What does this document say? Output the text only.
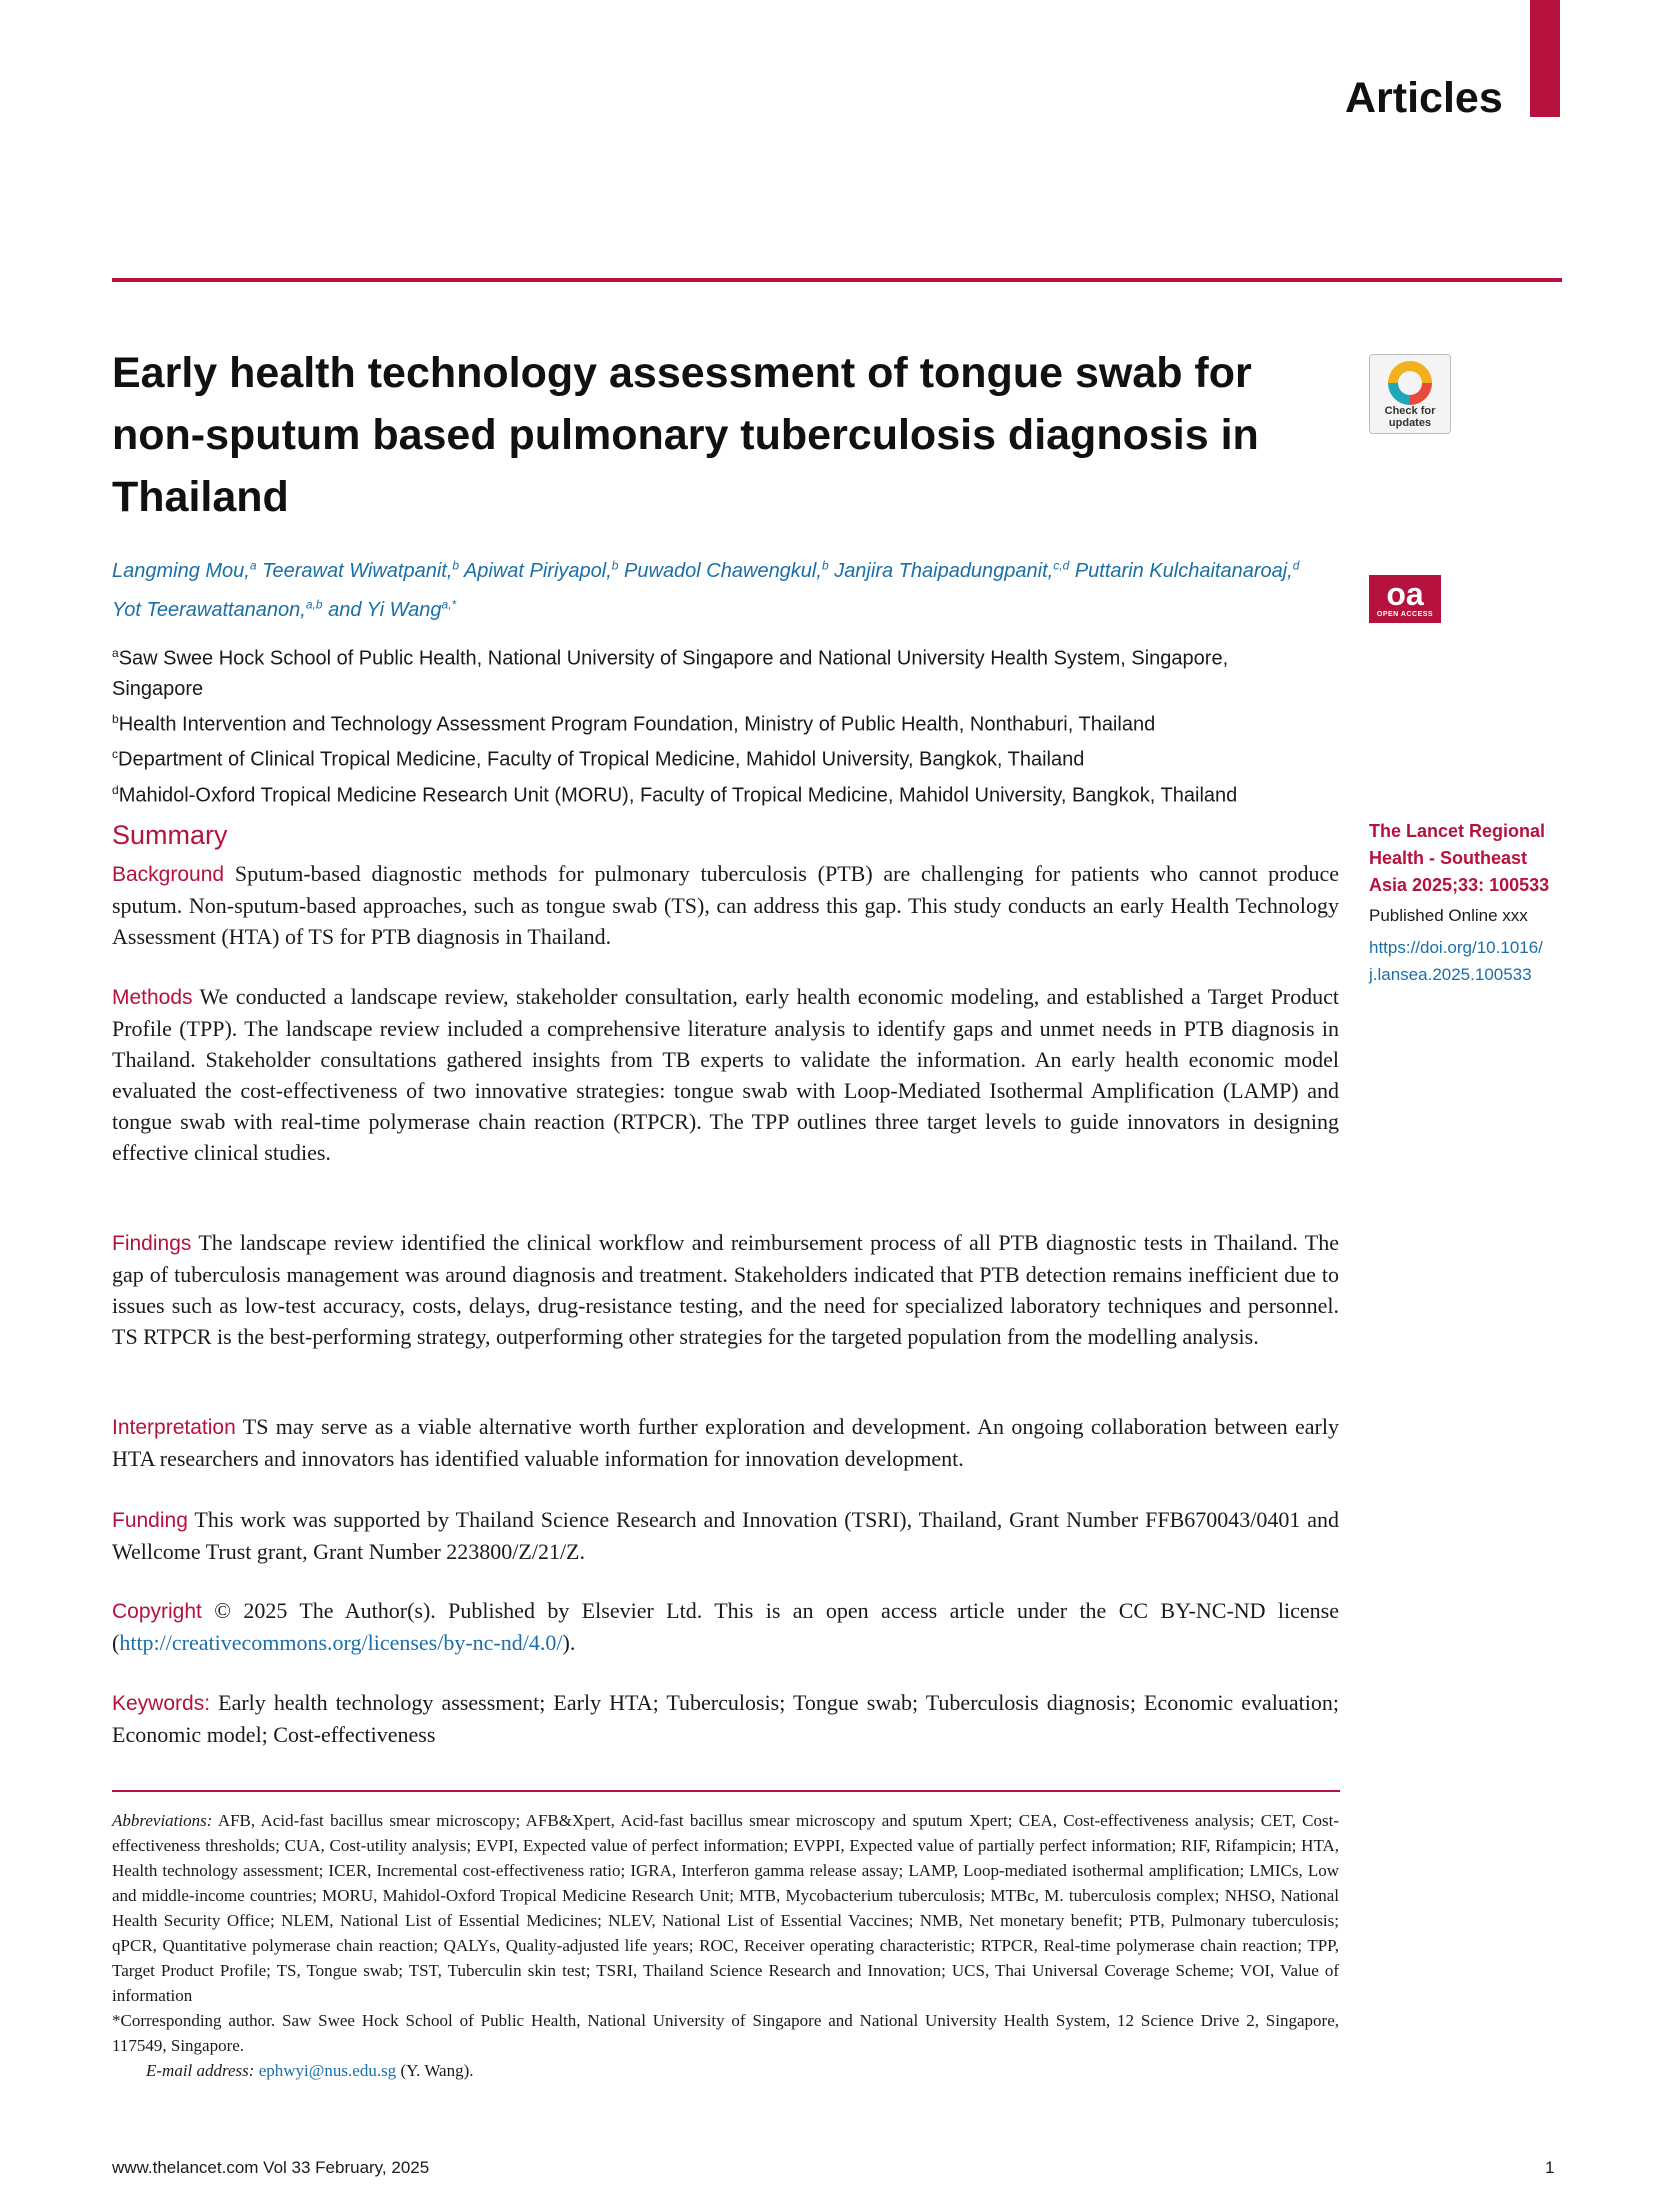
Articles
Early health technology assessment of tongue swab for non-sputum based pulmonary tuberculosis diagnosis in Thailand
Check for updates
oa
OPEN ACCESS
Langming Mou,$^a$ Teerawat Wiwatpanit,$^b$ Apiwat Piriyapol,$^b$ Puwadol Chawengkul,$^b$ Janjira Thaipadungpanit,$^{c,d}$ Puttarin Kulchaitanaroaj,$^d$
Yot Teerawattananon,$^{a,b}$ and Yi Wang$^{a,*}$
$^a$Saw Swee Hock School of Public Health, National University of Singapore and National University Health System, Singapore, Singapore
$^b$Health Intervention and Technology Assessment Program Foundation, Ministry of Public Health, Nonthaburi, Thailand
$^c$Department of Clinical Tropical Medicine, Faculty of Tropical Medicine, Mahidol University, Bangkok, Thailand
$^d$Mahidol-Oxford Tropical Medicine Research Unit (MORU), Faculty of Tropical Medicine, Mahidol University, Bangkok, Thailand
Summary

Background Sputum-based diagnostic methods for pulmonary tuberculosis (PTB) are challenging for patients who cannot produce sputum. Non-sputum-based approaches, such as tongue swab (TS), can address this gap. This study conducts an early Health Technology Assessment (HTA) of TS for PTB diagnosis in Thailand.

Methods We conducted a landscape review, stakeholder consultation, early health economic modeling, and established a Target Product Profile (TPP). The landscape review included a comprehensive literature analysis to identify gaps and unmet needs in PTB diagnosis in Thailand. Stakeholder consultations gathered insights from TB experts to validate the information. An early health economic model evaluated the cost-effectiveness of two innovative strategies: tongue swab with Loop-Mediated Isothermal Amplification (LAMP) and tongue swab with real-time polymerase chain reaction (RTPCR). The TPP outlines three target levels to guide innovators in designing effective clinical studies.

Findings The landscape review identified the clinical workflow and reimbursement process of all PTB diagnostic tests in Thailand. The gap of tuberculosis management was around diagnosis and treatment. Stakeholders indicated that PTB detection remains inefficient due to issues such as low-test accuracy, costs, delays, drug-resistance testing, and the need for specialized laboratory techniques and personnel. TS RTPCR is the best-performing strategy, outperforming other strategies for the targeted population from the modelling analysis.

Interpretation TS may serve as a viable alternative worth further exploration and development. An ongoing collaboration between early HTA researchers and innovators has identified valuable information for innovation development.

Funding This work was supported by Thailand Science Research and Innovation (TSRI), Thailand, Grant Number FFB670043/0401 and Wellcome Trust grant, Grant Number 223800/Z/21/Z.

Copyright © 2025 The Author(s). Published by Elsevier Ltd. This is an open access article under the CC BY-NC-ND license (http://creativecommons.org/licenses/by-nc-nd/4.0/).

Keywords: Early health technology assessment; Early HTA; Tuberculosis; Tongue swab; Tuberculosis diagnosis; Economic evaluation; Economic model; Cost-effectiveness

The Lancet Regional Health - Southeast Asia 2025;33: 100533
Published Online xxx
https://doi.org/10.1016/j.lansea.2025.100533

Abbreviations: AFB, Acid-fast bacillus smear microscopy; AFB&Xpert, Acid-fast bacillus smear microscopy and sputum Xpert; CEA, Cost-effectiveness analysis; CET, Cost-effectiveness thresholds; CUA, Cost-utility analysis; EVPI, Expected value of perfect information; EVPPI, Expected value of partially perfect information; RIF, Rifampicin; HTA, Health technology assessment; ICER, Incremental cost-effectiveness ratio; IGRA, Interferon gamma release assay; LAMP, Loop-mediated isothermal amplification; LMICs, Low and middle-income countries; MORU, Mahidol-Oxford Tropical Medicine Research Unit; MTB, Mycobacterium tuberculosis; MTBc, M. tuberculosis complex; NHSO, National Health Security Office; NLEM, National List of Essential Medicines; NLEV, National List of Essential Vaccines; NMB, Net monetary benefit; PTB, Pulmonary tuberculosis; qPCR, Quantitative polymerase chain reaction; QALYs, Quality-adjusted life years; ROC, Receiver operating characteristic; RTPCR, Real-time polymerase chain reaction; TPP, Target Product Profile; TS, Tongue swab; TST, Tuberculin skin test; TSRI, Thailand Science Research and Innovation; UCS, Thai Universal Coverage Scheme; VOI, Value of information

*Corresponding author. Saw Swee Hock School of Public Health, National University of Singapore and National University Health System, 12 Science Drive 2, Singapore, 117549, Singapore.

E-mail address: ephwyi@nus.edu.sg (Y. Wang).

www.thelancet.com Vol 33 February, 2025	1
